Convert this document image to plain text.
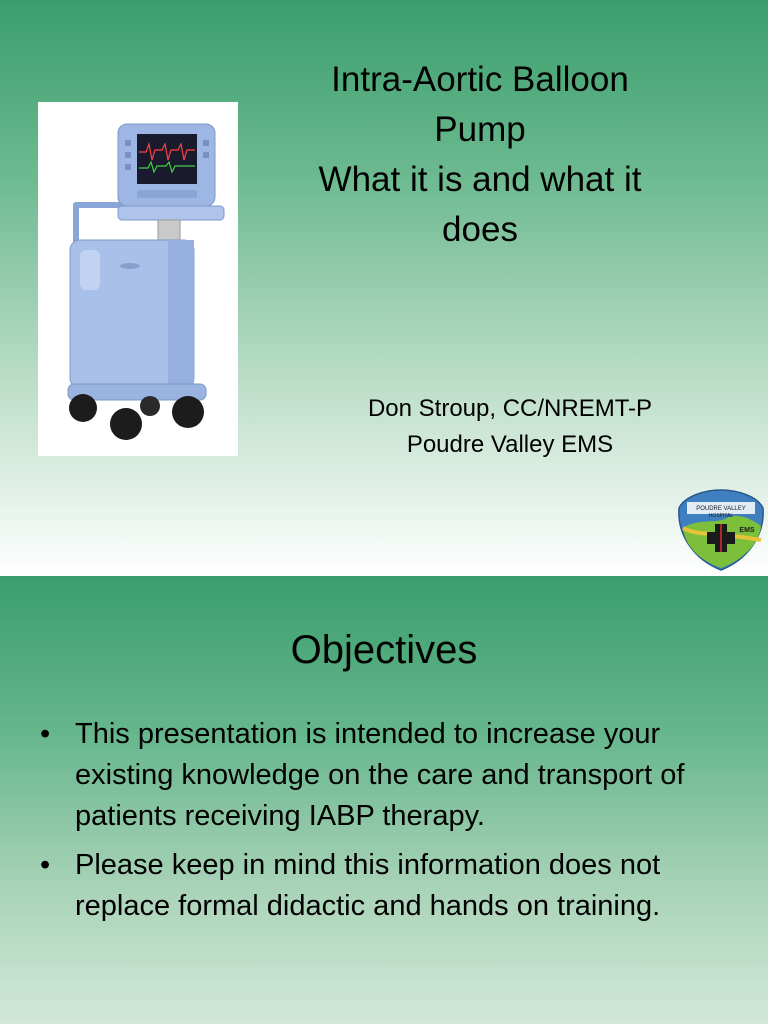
Intra-Aortic Balloon
Pump
What it is and what it
does
Don Stroup, CC/NREMT-P
Poudre Valley EMS
POUDRE VALLEY
HOSPITAL
EMS
Objectives
• This presentation is intended to increase your existing knowledge on the care and transport of patients receiving IABP therapy.
• Please keep in mind this information does not replace formal didactic and hands on training.
